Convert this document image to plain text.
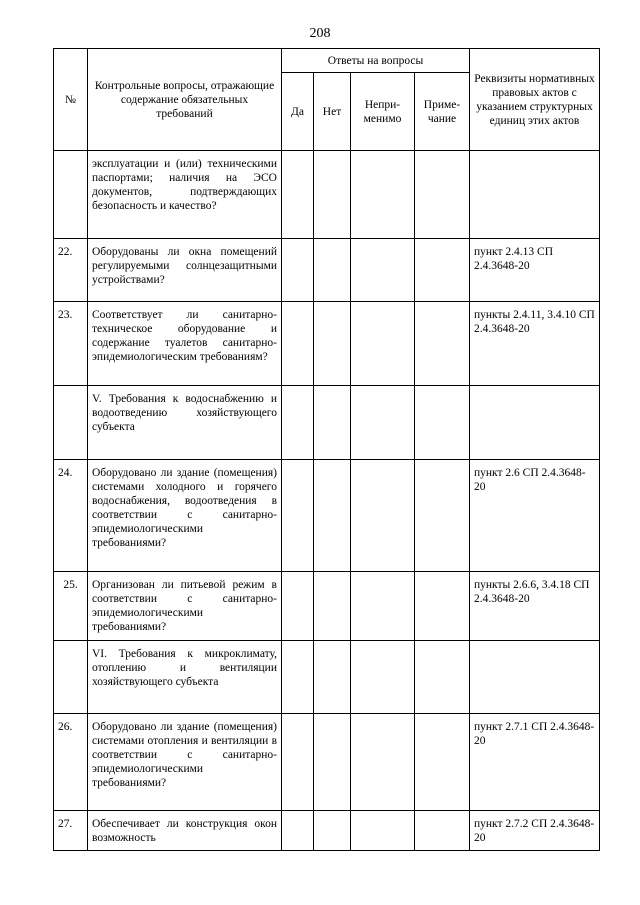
208
№	Контрольные вопросы, отражающие содержание обязательных требований	Ответы на вопросы				Реквизиты нормативных правовых актов с указанием структурных единиц этих актов
		Да	Нет	Непри-менимо	Приме-чание	
	эксплуатации и (или) техническими паспортами; наличия на ЭСО документов, подтверждающих безопасность и качество?					
22.	Оборудованы ли окна помещений регулируемыми солнцезащитными устройствами?					пункт 2.4.13 СП 2.4.3648-20
23.	Соответствует ли санитарно-техническое оборудование и содержание туалетов санитарно-эпидемиологическим требованиям?					пункты 2.4.11, 3.4.10 СП 2.4.3648-20
	V. Требования к водоснабжению и водоотведению хозяйствующего субъекта					
24.	Оборудовано ли здание (помещения) системами холодного и горячего водоснабжения, водоотведения в соответствии с санитарно-эпидемиологическими требованиями?					пункт 2.6 СП 2.4.3648-20
25.	Организован ли питьевой режим в соответствии с санитарно-эпидемиологическими требованиями?					пункты 2.6.6, 3.4.18 СП 2.4.3648-20
	VI. Требования к микроклимату, отоплению и вентиляции хозяйствующего субъекта					
26.	Оборудовано ли здание (помещения) системами отопления и вентиляции в соответствии с санитарно-эпидемиологическими требованиями?					пункт 2.7.1 СП 2.4.3648-20
27.	Обеспечивает ли конструкция окон возможность					пункт 2.7.2 СП 2.4.3648-20
